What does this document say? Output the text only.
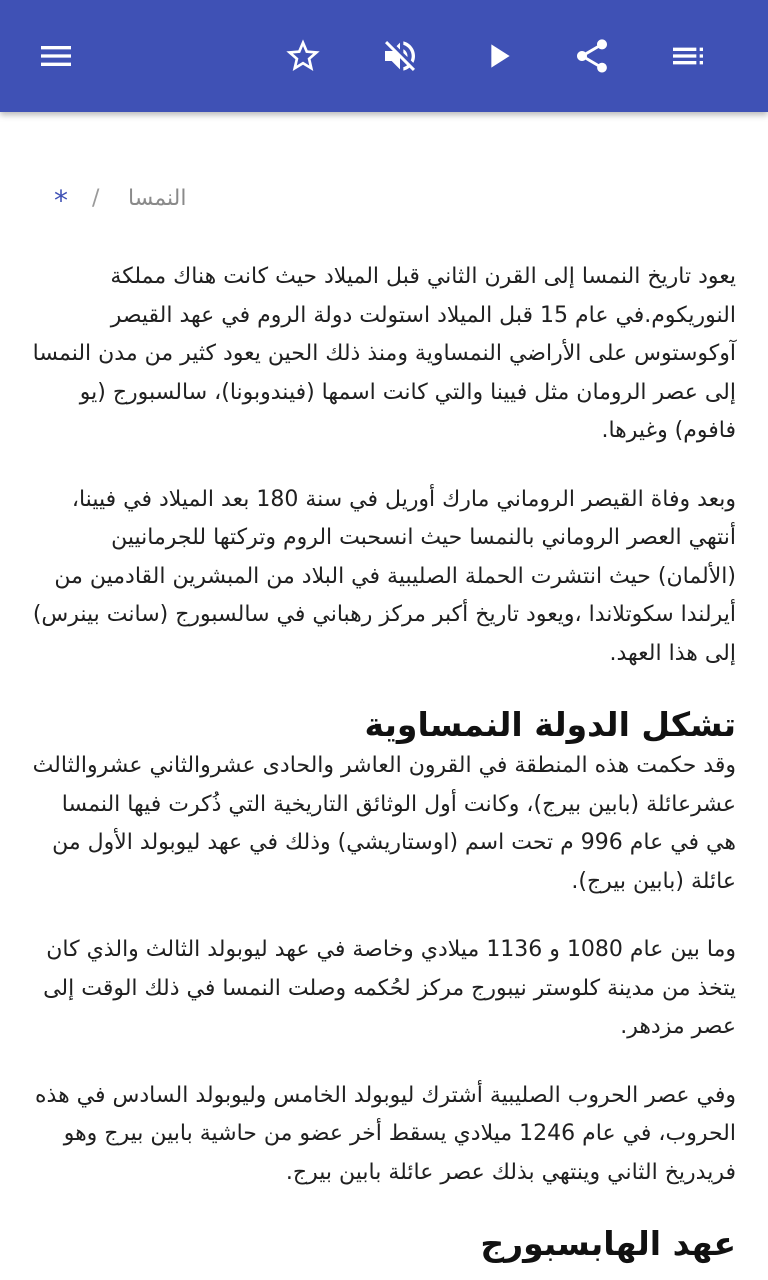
* / النمسا

يعود تاريخ النمسا إلى القرن الثاني قبل الميلاد حيث كانت هناك مملكة النوريكوم.في عام 15 قبل الميلاد استولت دولة الروم في عهد القيصر آوكوستوس على الأراضي النمساوية ومنذ ذلك الحين يعود كثير من مدن النمسا إلى عصر الرومان مثل فيينا والتي كانت اسمها (فيندوبونا)، سالسبورج (يو فافوم) وغيرها.

وبعد وفاة القيصر الروماني مارك أوريل في سنة 180 بعد الميلاد في فيينا، أنتهي العصر الروماني بالنمسا حيث انسحبت الروم وتركتها للجرمانيين (الألمان) حيث انتشرت الحملة الصليبية في البلاد من المبشرين القادمين من أيرلندا سكوتلاندا ،ويعود تاريخ أكبر مركز رهباني في سالسبورج (سانت بينرس) إلى هذا العهد.

تشكل الدولة النمساوية

وقد حكمت هذه المنطقة في القرون العاشر والحادى عشروالثاني عشروالثالث عشرعائلة (بابين بيرج)، وكانت أول الوثائق التاريخية التي ذُكرت فيها النمسا هي في عام 996 م تحت اسم (اوستاريشي) وذلك في عهد ليوبولد الأول من عائلة (بابين بيرج).

وما بين عام 1080 و 1136 ميلادي وخاصة في عهد ليوبولد الثالث والذي كان يتخذ من مدينة كلوستر نيبورج مركز لحُكمه وصلت النمسا في ذلك الوقت إلى عصر مزدهر.

وفي عصر الحروب الصليبية أشترك ليوبولد الخامس وليوبولد السادس في هذه الحروب، في عام 1246 ميلادي يسقط أخر عضو من حاشية بابين بيرج وهو فريدريخ الثاني وينتهي بذلك عصر عائلة بابين بيرج.

عهد الهابسبورج
